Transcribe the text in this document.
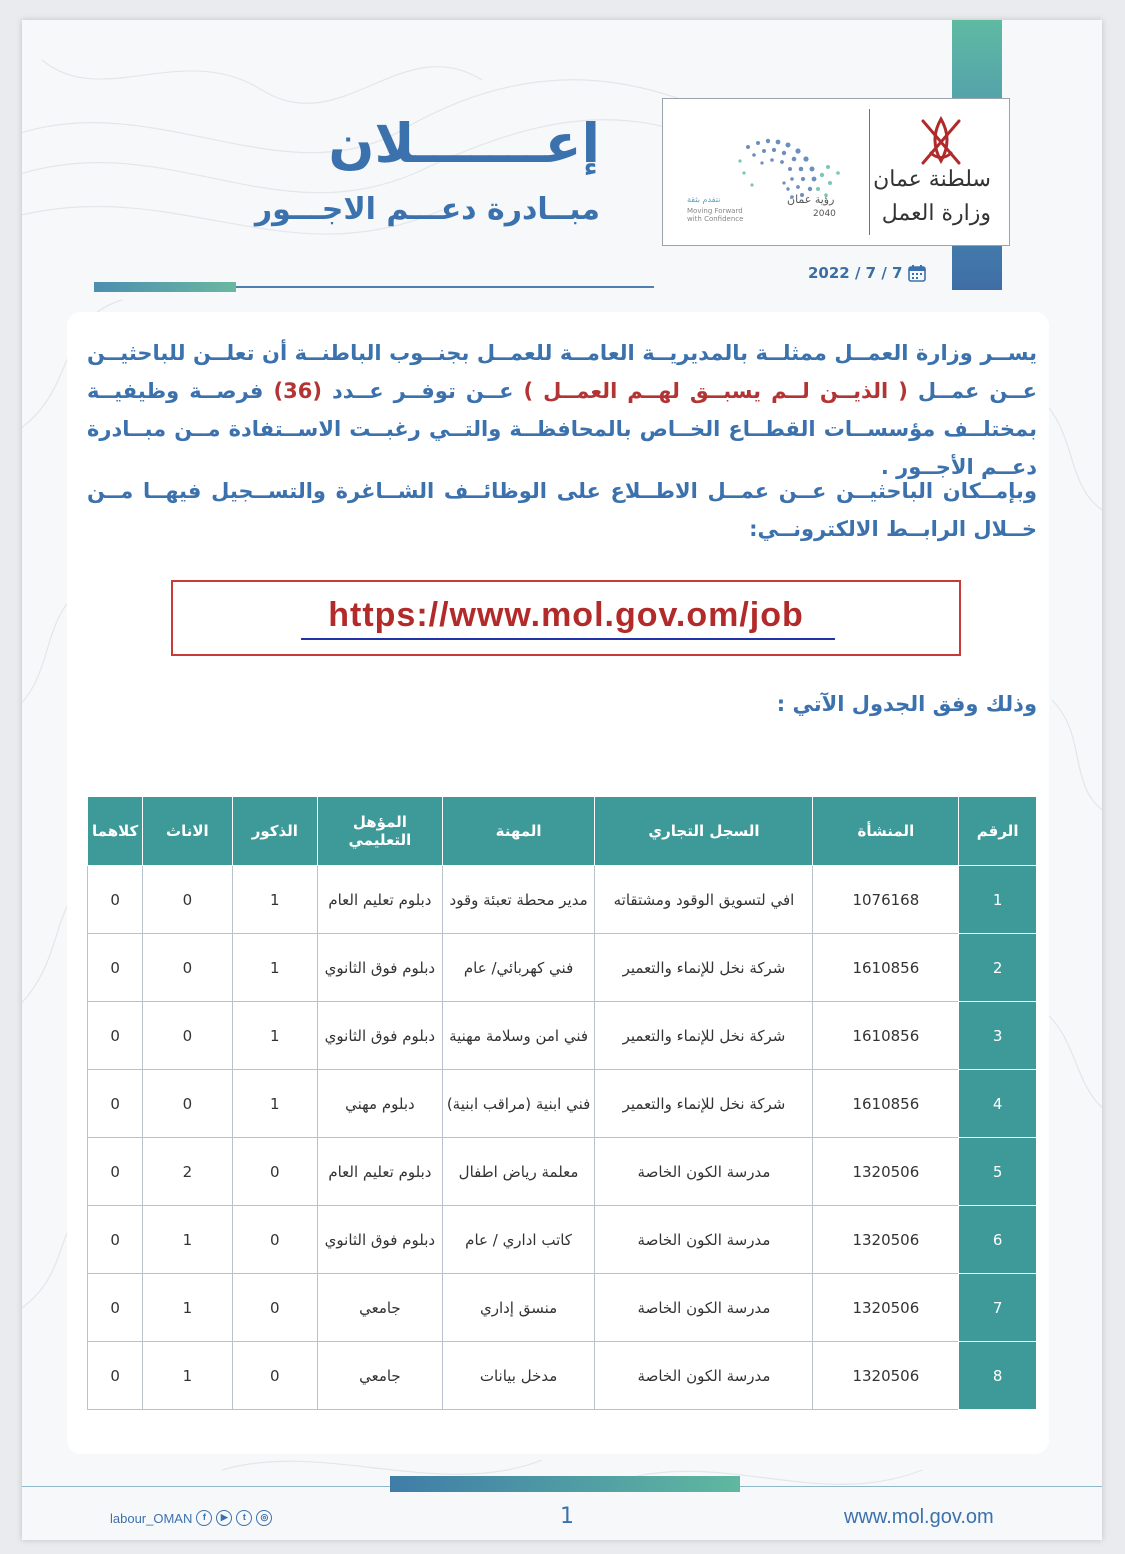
سلطنة عمان
وزارة العمل
رؤية عمان
2040
نتقدم بثقة
Moving Forward with Confidence
2022 / 7 / 7
إعـــــــلان
مبــادرة دعـــم الاجـــور
يســر وزارة العمــل ممثلــة بالمديريــة العامــة للعمــل بجنــوب الباطنــة أن تعلــن للباحثيــن عــن عمــل ( الذيــن لــم يسبــق لهــم العمــل ) عــن توفــر عــدد (36) فرصــة وظيفيــة بمختلــف مؤسســات القطــاع الخــاص بالمحافظــة والتــي رغبــت الاســتفادة مــن مبــادرة دعــم الأجــور .
وبإمــكان الباحثيــن عــن عمــل الاطــلاع على الوظائــف الشــاغرة والتســجيل فيهــا مــن خــلال الرابــط الالكترونــي:
https://www.mol.gov.om/job
وذلك وفق الجدول الآتي :
الرقم	المنشأة	السجل التجاري	المهنة	المؤهل التعليمي	الذكور	الاناث	كلاهما
1	1076168	افي لتسويق الوقود ومشتقاته	مدير محطة تعبئة وقود	دبلوم تعليم العام	1	0	0
2	1610856	شركة نخل للإنماء والتعمير	فني كهربائي/ عام	دبلوم فوق الثانوي	1	0	0
3	1610856	شركة نخل للإنماء والتعمير	فني امن وسلامة مهنية	دبلوم فوق الثانوي	1	0	0
4	1610856	شركة نخل للإنماء والتعمير	فني ابنية (مراقب ابنية)	دبلوم مهني	1	0	0
5	1320506	مدرسة الكون الخاصة	معلمة رياض اطفال	دبلوم تعليم العام	0	2	0
6	1320506	مدرسة الكون الخاصة	كاتب اداري / عام	دبلوم فوق الثانوي	0	1	0
7	1320506	مدرسة الكون الخاصة	منسق إداري	جامعي	0	1	0
8	1320506	مدرسة الكون الخاصة	مدخل بيانات	جامعي	0	1	0
www.mol.gov.om
1
labour_OMAN	f	▶	t	◎
